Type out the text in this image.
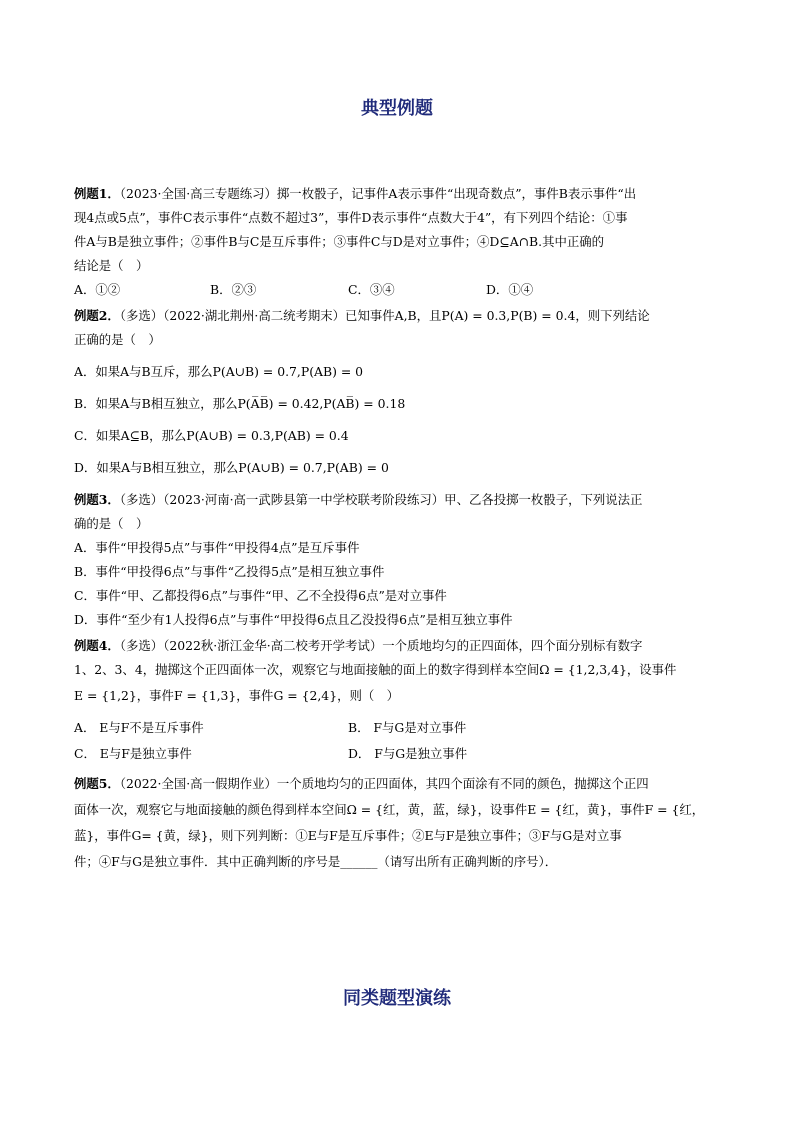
典型例题
例题1．（2023·全国·高三专题练习）掷一枚骰子，记事件A表示事件“出现奇数点”，事件B表示事件“出
现4点或5点”，事件C表示事件“点数不超过3”，事件D表示事件“点数大于4”，有下列四个结论：①事
件A与B是独立事件；②事件B与C是互斥事件；③事件C与D是对立事件；④D⊆A∩B.其中正确的
结论是（　）
A．①②	B．②③	C．③④	D．①④
例题2．（多选）（2022·湖北荆州·高二统考期末）已知事件A,B，且P(A) = 0.3,P(B) = 0.4，则下列结论
正确的是（　）
A．如果A与B互斥，那么P(A∪B) = 0.7,P(AB) = 0
B．如果A与B相互独立，那么P(A̅B̅) = 0.42,P(AB̅) = 0.18
C．如果A⊆B，那么P(A∪B) = 0.3,P(AB) = 0.4
D．如果A与B相互独立，那么P(A∪B) = 0.7,P(AB) = 0
例题3．（多选）（2023·河南·高一武陟县第一中学校联考阶段练习）甲、乙各投掷一枚骰子，下列说法正
确的是（　）
A．事件“甲投得5点”与事件“甲投得4点”是互斥事件
B．事件“甲投得6点”与事件“乙投得5点”是相互独立事件
C．事件“甲、乙都投得6点”与事件“甲、乙不全投得6点”是对立事件
D．事件“至少有1人投得6点”与事件“甲投得6点且乙没投得6点”是相互独立事件
例题4．（多选）（2022秋·浙江金华·高二校考开学考试）一个质地均匀的正四面体，四个面分别标有数字
1、2、3、4，抛掷这个正四面体一次，观察它与地面接触的面上的数字得到样本空间Ω = {1,2,3,4}，设事件
E = {1,2}，事件F = {1,3}，事件G = {2,4}，则（　）
A． E与F不是互斥事件	B． F与G是对立事件
C． E与F是独立事件	D． F与G是独立事件
例题5．（2022·全国·高一假期作业）一个质地均匀的正四面体，其四个面涂有不同的颜色，抛掷这个正四
面体一次，观察它与地面接触的颜色得到样本空间Ω = {红，黄，蓝，绿}，设事件E = {红，黄}，事件F = {红，
蓝}，事件G= {黄，绿}，则下列判断：①E与F是互斥事件；②E与F是独立事件；③F与G是对立事
件；④F与G是独立事件．其中正确判断的序号是______（请写出所有正确判断的序号）．
同类题型演练
